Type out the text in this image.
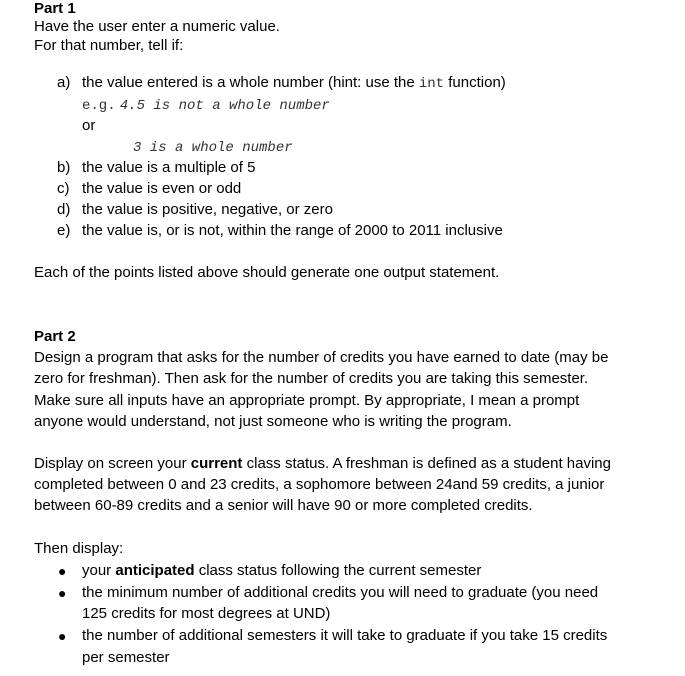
Part 1
Have the user enter a numeric value.
For that number, tell if:
a) the value entered is a whole number (hint: use the int function)
e.g. 4.5 is not a whole number
or
3 is a whole number
b) the value is a multiple of 5
c) the value is even or odd
d) the value is positive, negative, or zero
e) the value is, or is not, within the range of 2000 to 2011 inclusive
Each of the points listed above should generate one output statement.
Part 2
Design a program that asks for the number of credits you have earned to date (may be
zero for freshman). Then ask for the number of credits you are taking this semester.
Make sure all inputs have an appropriate prompt. By appropriate, I mean a prompt
anyone would understand, not just someone who is writing the program.
Display on screen your current class status. A freshman is defined as a student having
completed between 0 and 23 credits, a sophomore between 24and 59 credits, a junior
between 60-89 credits and a senior will have 90 or more completed credits.
Then display:
● your anticipated class status following the current semester
● the minimum number of additional credits you will need to graduate (you need
125 credits for most degrees at UND)
● the number of additional semesters it will take to graduate if you take 15 credits
per semester
